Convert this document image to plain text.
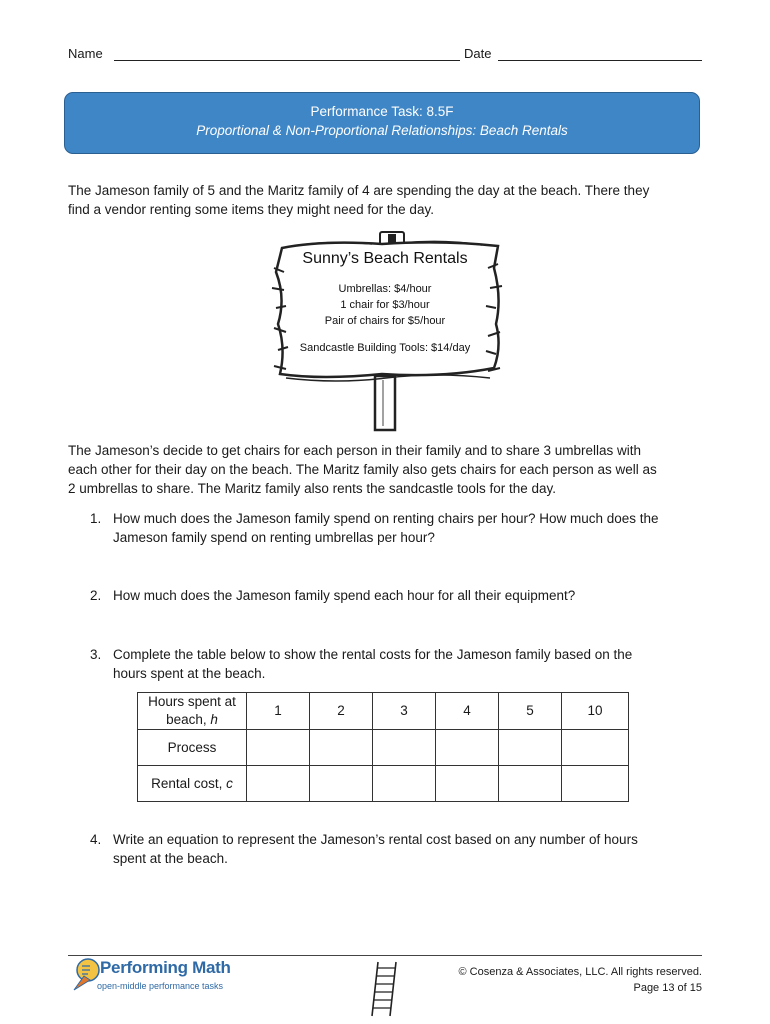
Name	Date
Performance Task: 8.5F
Proportional & Non-Proportional Relationships: Beach Rentals
The Jameson family of 5 and the Maritz family of 4 are spending the day at the beach. There they
find a vendor renting some items they might need for the day.
Sunny’s Beach Rentals
Umbrellas: $4/hour
1 chair for $3/hour
Pair of chairs for $5/hour
Sandcastle Building Tools: $14/day
The Jameson’s decide to get chairs for each person in their family and to share 3 umbrellas with
each other for their day on the beach. The Maritz family also gets chairs for each person as well as
2 umbrellas to share. The Maritz family also rents the sandcastle tools for the day.
1. How much does the Jameson family spend on renting chairs per hour? How much does the
Jameson family spend on renting umbrellas per hour?
2. How much does the Jameson family spend each hour for all their equipment?
3. Complete the table below to show the rental costs for the Jameson family based on the
hours spent at the beach.
Hours spent at
beach, h	1	2	3	4	5	10
Process						
Rental cost, c						
4. Write an equation to represent the Jameson’s rental cost based on any number of hours
spent at the beach.
Performing Math
open-middle performance tasks
© Cosenza & Associates, LLC. All rights reserved.
Page 13 of 15
